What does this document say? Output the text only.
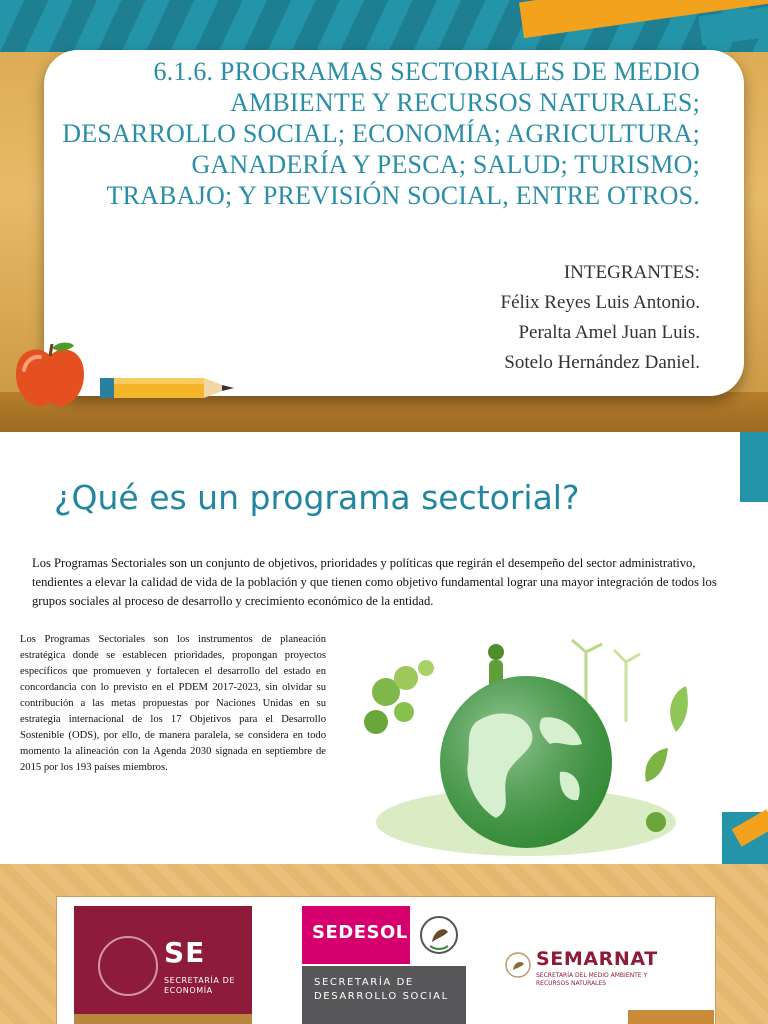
6.1.6. PROGRAMAS SECTORIALES DE MEDIO AMBIENTE Y RECURSOS NATURALES; DESARROLLO SOCIAL; ECONOMÍA; AGRICULTURA; GANADERÍA Y PESCA; SALUD; TURISMO; TRABAJO; Y PREVISIÓN SOCIAL, ENTRE OTROS.
INTEGRANTES:
Félix Reyes Luis Antonio.
Peralta Amel Juan Luis.
Sotelo Hernández Daniel.
¿Qué es un programa sectorial?

Los Programas Sectoriales son un conjunto de objetivos, prioridades y políticas que regirán el desempeño del sector administrativo, tendientes a elevar la calidad de vida de la población y que tienen como objetivo fundamental lograr una mayor integración de todos los grupos sociales al proceso de desarrollo y crecimiento económico de la entidad.

Los Programas Sectoriales son los instrumentos de planeación estratégica donde se establecen prioridades, propongan proyectos específicos que promueven y fortalecen el desarrollo del estado en concordancia con lo previsto en el PDEM 2017-2023, sin olvidar su contribución a las metas propuestas por Naciones Unidas en su estrategia internacional de los 17 Objetivos para el Desarrollo Sostenible (ODS), por ello, de manera paralela, se considera en todo momento la alineación con la Agenda 2030 signada en septiembre de 2015 por los 193 países miembros.

SE
SECRETARÍA DE ECONOMÍA
SEDESOL
SECRETARÍA DE DESARROLLO SOCIAL
SEMARNAT
SECRETARÍA DEL MEDIO AMBIENTE Y RECURSOS NATURALES
